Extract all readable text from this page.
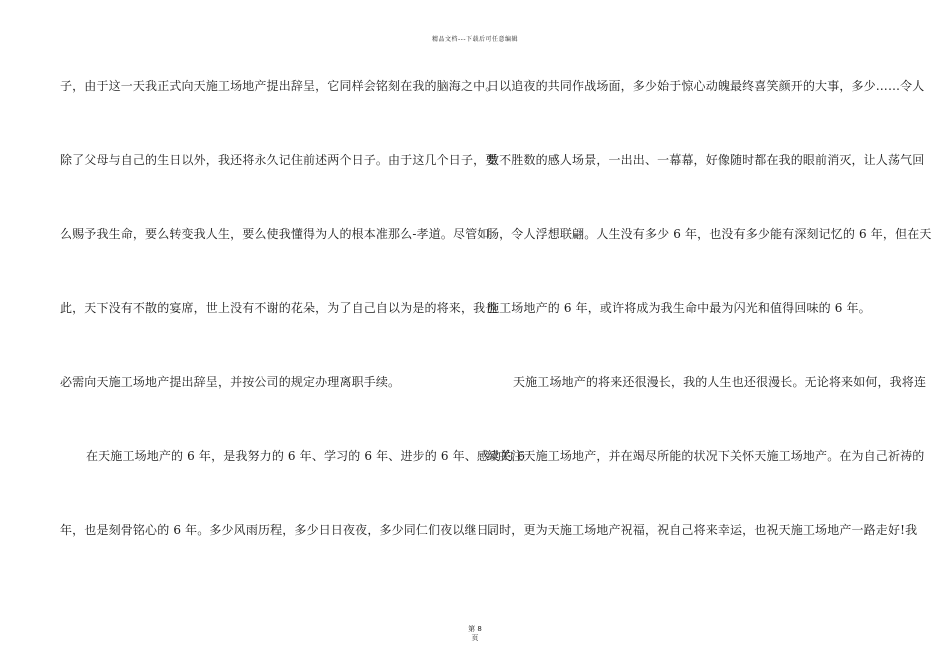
精品文档---下载后可任意编辑
子，由于这一天我正式向天施工场地产提出辞呈，它同样会铭刻在我的脑海之中。
除了父母与自己的生日以外，我还将永久记住前述两个日子。由于这几个日子，要
么赐予我生命，要么转变我人生，要么使我懂得为人的根本准那么-孝道。尽管如
此，天下没有不散的宴席，世上没有不谢的花朵，为了自己自以为是的将来，我也
必需向天施工场地产提出辞呈，并按公司的规定办理离职手续。
在天施工场地产的 6 年，是我努力的 6 年、学习的 6 年、进步的 6 年、感动的 6
年，也是刻骨铭心的 6 年。多少风雨历程，多少日日夜夜，多少同仁们夜以继日、
日以追夜的共同作战场面，多少始于惊心动魄最终喜笑颜开的大事，多少……令人
数不胜数的感人场景，一出出、一幕幕，好像随时都在我的眼前消灭，让人荡气回
肠，令人浮想联翩。人生没有多少 6 年，也没有多少能有深刻记忆的 6 年，但在天
施工场地产的 6 年，或许将成为我生命中最为闪光和值得回味的 6 年。
天施工场地产的将来还很漫长，我的人生也还很漫长。无论将来如何，我将连
续关注天施工场地产，并在竭尽所能的状况下关怀天施工场地产。在为自己祈祷的
同时，更为天施工场地产祝福，祝自己将来幸运，也祝天施工场地产一路走好!我
第 8
页
